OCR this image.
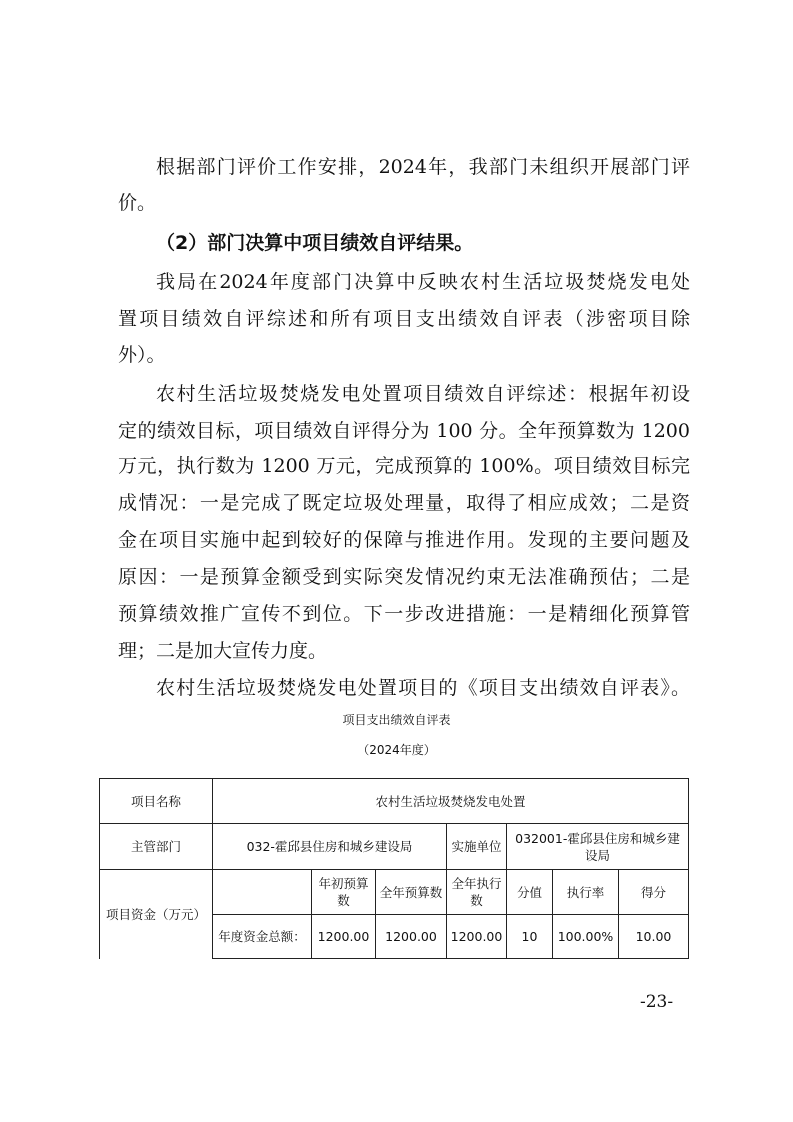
根据部门评价工作安排，2024年，我部门未组织开展部门评
价。
（2）部门决算中项目绩效自评结果。
我局在2024年度部门决算中反映农村生活垃圾焚烧发电处
置项目绩效自评综述和所有项目支出绩效自评表（涉密项目除
外）。
农村生活垃圾焚烧发电处置项目绩效自评综述：根据年初设
定的绩效目标，项目绩效自评得分为 100 分。全年预算数为 1200
万元，执行数为 1200 万元，完成预算的 100%。项目绩效目标完
成情况：一是完成了既定垃圾处理量，取得了相应成效；二是资
金在项目实施中起到较好的保障与推进作用。发现的主要问题及
原因：一是预算金额受到实际突发情况约束无法准确预估；二是
预算绩效推广宣传不到位。下一步改进措施：一是精细化预算管
理；二是加大宣传力度。
农村生活垃圾焚烧发电处置项目的《项目支出绩效自评表》。
项目支出绩效自评表
（2024年度）
项目名称	农村生活垃圾焚烧发电处置						
主管部门	032-霍邱县住房和城乡建设局			实施单位	032001-霍邱县住房和城乡建设局		
项目资金（万元）		年初预算数	全年预算数	全年执行数	分值	执行率	得分
	年度资金总额：	1200.00	1200.00	1200.00	10	100.00%	10.00
-23-
